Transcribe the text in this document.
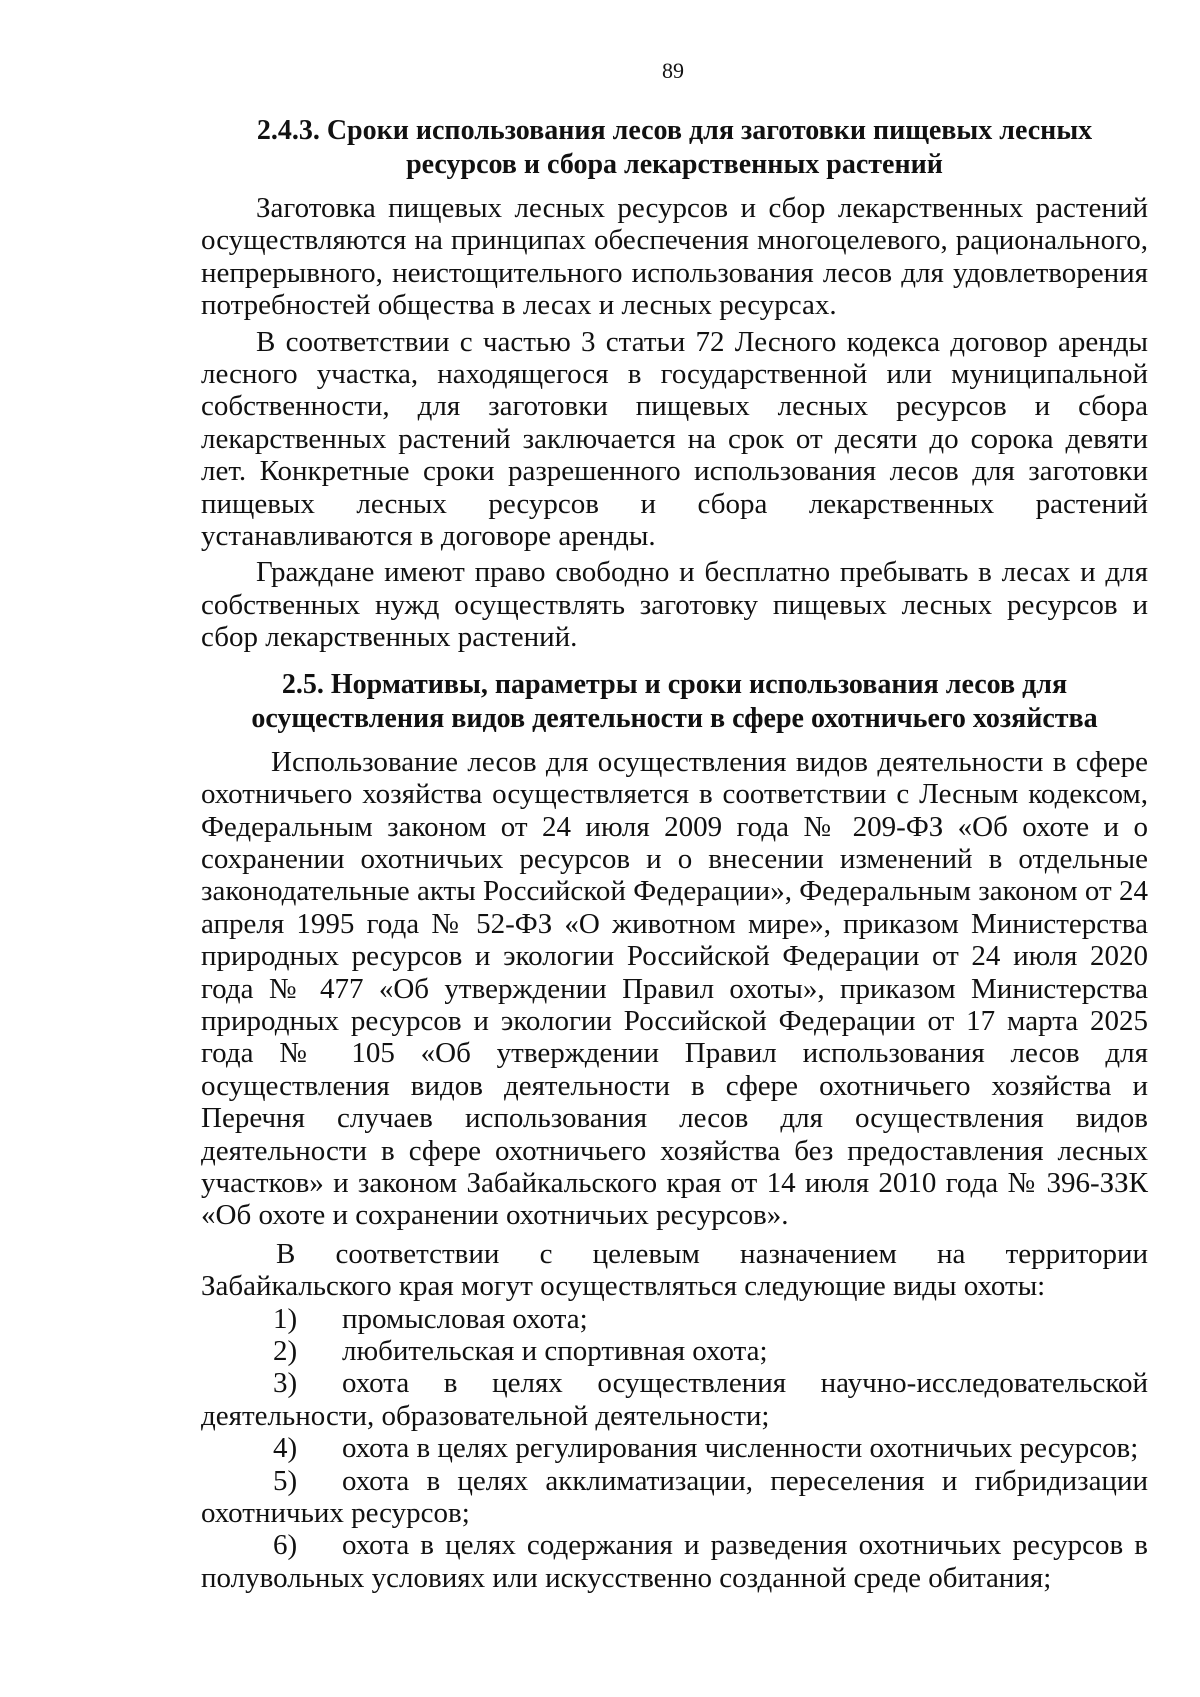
89
2.4.3. Сроки использования лесов для заготовки пищевых лесных
ресурсов и сбора лекарственных растений

Заготовка пищевых лесных ресурсов и сбор лекарственных растений осуществляются на принципах обеспечения многоцелевого, рационального, непрерывного, неистощительного использования лесов для удовлетворения потребностей общества в лесах и лесных ресурсах.

В соответствии с частью 3 статьи 72 Лесного кодекса договор аренды лесного участка, находящегося в государственной или муниципальной собственности, для заготовки пищевых лесных ресурсов и сбора лекарственных растений заключается на срок от десяти до сорока девяти лет. Конкретные сроки разрешенного использования лесов для заготовки пищевых лесных ресурсов и сбора лекарственных растений устанавливаются в договоре аренды.

Граждане имеют право свободно и бесплатно пребывать в лесах и для собственных нужд осуществлять заготовку пищевых лесных ресурсов и сбор лекарственных растений.

2.5. Нормативы, параметры и сроки использования лесов для
осуществления видов деятельности в сфере охотничьего хозяйства

Использование лесов для осуществления видов деятельности в сфере охотничьего хозяйства осуществляется в соответствии с Лесным кодексом, Федеральным законом от 24 июля 2009 года № 209-ФЗ «Об охоте и о сохранении охотничьих ресурсов и о внесении изменений в отдельные законодательные акты Российской Федерации», Федеральным законом от 24 апреля 1995 года № 52-ФЗ «О животном мире», приказом Министерства природных ресурсов и экологии Российской Федерации от 24 июля 2020 года № 477 «Об утверждении Правил охоты», приказом Министерства природных ресурсов и экологии Российской Федерации от 17 марта 2025 года № 105 «Об утверждении Правил использования лесов для осуществления видов деятельности в сфере охотничьего хозяйства и Перечня случаев использования лесов для осуществления видов деятельности в сфере охотничьего хозяйства без предоставления лесных участков» и законом Забайкальского края от 14 июля 2010 года № 396-ЗЗК «Об охоте и сохранении охотничьих ресурсов».

В соответствии с целевым назначением на территории Забайкальского края могут осуществляться следующие виды охоты:

1)	промысловая охота;
2)	любительская и спортивная охота;
3)	охота в целях осуществления научно-исследовательской
деятельности, образовательной деятельности;
4)	охота в целях регулирования численности охотничьих ресурсов;
5)	охота в целях акклиматизации, переселения и гибридизации
охотничьих ресурсов;
6)	охота в целях содержания и разведения охотничьих ресурсов в
полувольных условиях или искусственно созданной среде обитания;
